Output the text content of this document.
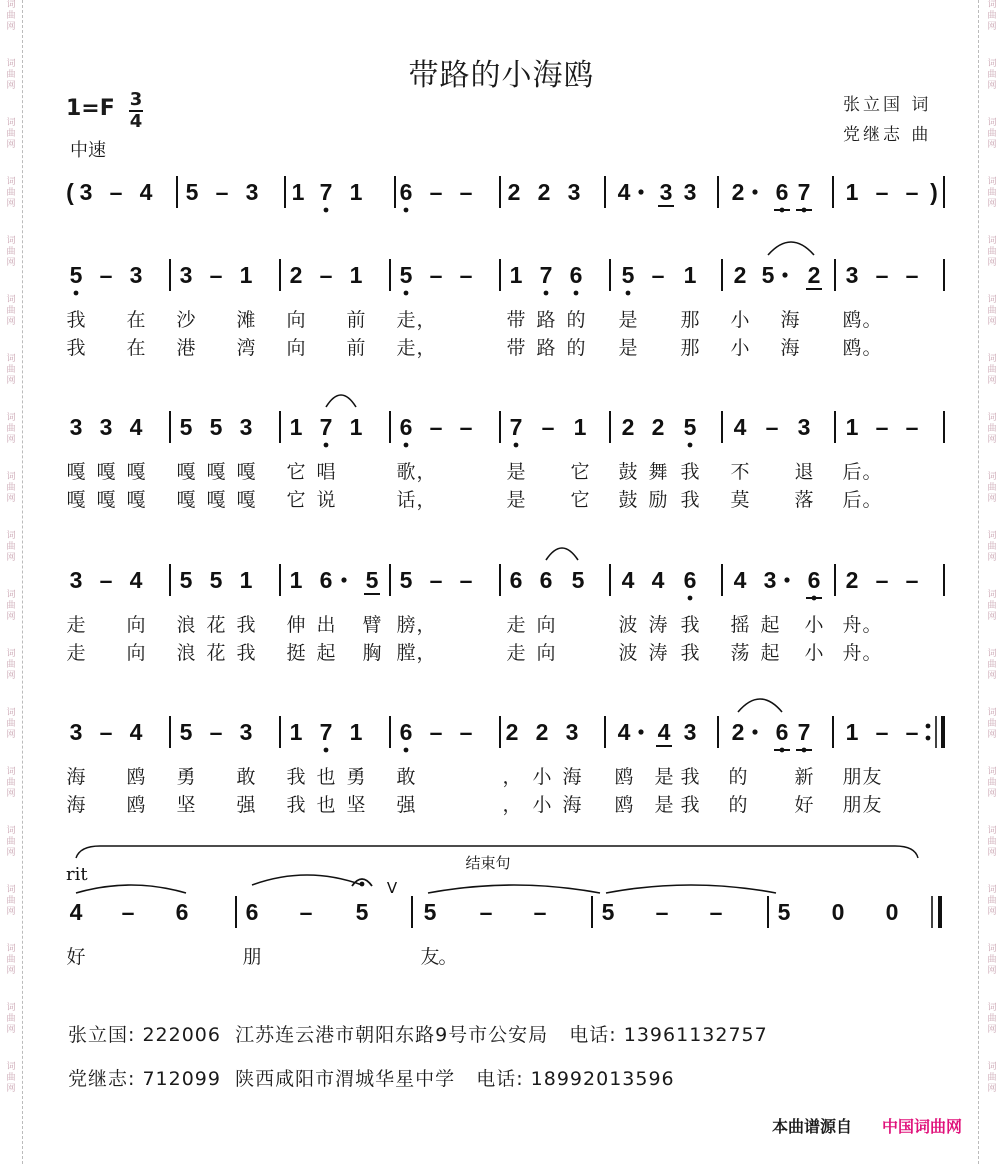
词
曲
网
词
曲
网
词
曲
网
词
曲
网
词
曲
网
词
曲
网
词
曲
网
词
曲
网
词
曲
网
词
曲
网
词
曲
网
词
曲
网
词
曲
网
词
曲
网
词
曲
网
词
曲
网
词
曲
网
词
曲
网
词
曲
网
词
曲
网
词
曲
网
词
曲
网
词
曲
网
词
曲
网
词
曲
网
词
曲
网
词
曲
网
词
曲
网
词
曲
网
词
曲
网
词
曲
网
词
曲
网
词
曲
网
词
曲
网
词
曲
网
词
曲
网
词
曲
网
词
曲
网
带路的小海鸥
1=F 3
4
中速
张立国 词
党继志 曲
( 3 – 4 5 – 3 1 7 1 6 – – 2 2 3 4 3 3 2 6 7 1 – – )
5 – 3 3 – 1 2 – 1 5 – – 1 7 6 5 – 1 2 5 2 3 – –
我 在 沙 滩 向 前 走 ，	带 路 的 是 那 小 海 鸥 。
我 在 港 湾 向 前 走 ，	带 路 的 是 那 小 海 鸥 。
3 3 4 5 5 3 1 7 1 6 – – 7 – 1 2 2 5 4 – 3 1 – –
嘎 嘎 嘎 嘎 嘎 嘎 它 唱	歌 ，	是 它 鼓 舞 我 不 退 后 。
嘎 嘎 嘎 嘎 嘎 嘎 它 说	话 ，	是 它 鼓 励 我 莫 落 后 。
3 – 4 5 5 1 1 6 5 5 – – 6 6 5 4 4 6 4 3 6 2 – –
走 向 浪 花 我 伸 出 臂 膀 ，	走 向	波 涛 我 摇 起 小 舟 。
走 向 浪 花 我 挺 起 胸 膛 ，	走 向	波 涛 我 荡 起 小 舟 。
3 – 4 5 – 3 1 7 1 6 – – 2 2 3 4 4 3 2 6 7 1 – –
海 鸥 勇 敢 我 也 勇 敢	， 小 海 鸥 是 我 的 新 朋 友
海 鸥 坚 强 我 也 坚 强	， 小 海 鸥 是 我 的 好 朋 友
rit
结束句
V
4 – 6 6 – 5 5 – – 5 – – 5 0 0
好	朋	友
。
张立国: 222006 江苏连云港市朝阳东路9号市公安局 电话: 13961132757
党继志: 712099 陕西咸阳市渭城华星中学 电话: 18992013596
本曲谱源自 中国词曲网
